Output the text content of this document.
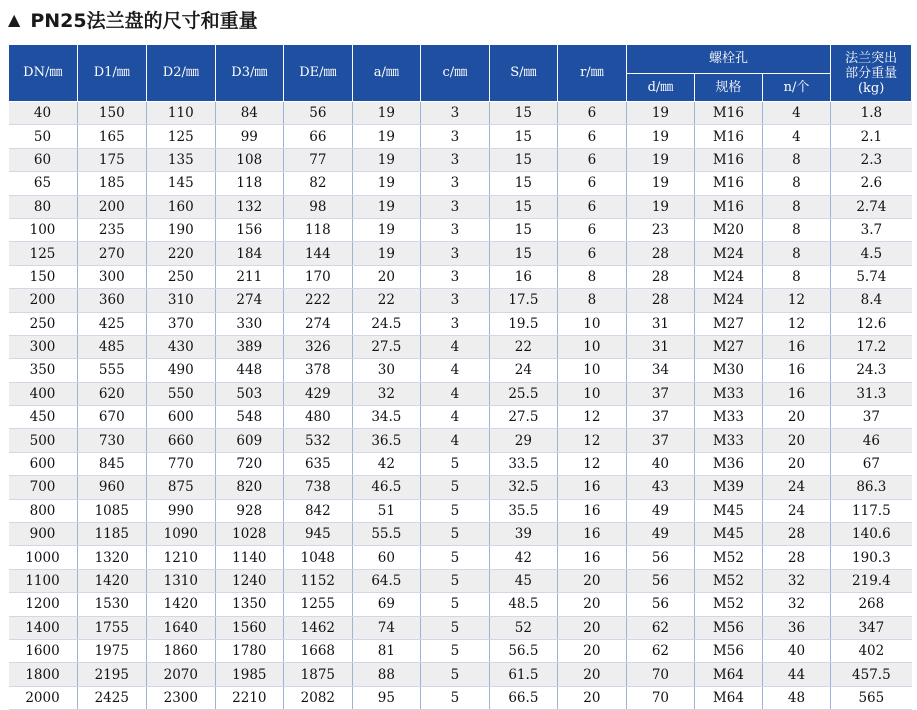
▲ PN25法兰盘的尺寸和重量
DN/㎜	D1/㎜	D2/㎜	D3/㎜	DE/㎜	a/㎜	c/㎜	S/㎜	r/㎜	螺栓孔			法兰突出
部分重量
(kg)

									d/㎜	规格	n/个	
40	150	110	84	56	19	3	15	6	19	M16	4	1.8
50	165	125	99	66	19	3	15	6	19	M16	4	2.1
60	175	135	108	77	19	3	15	6	19	M16	8	2.3
65	185	145	118	82	19	3	15	6	19	M16	8	2.6
80	200	160	132	98	19	3	15	6	19	M16	8	2.74
100	235	190	156	118	19	3	15	6	23	M20	8	3.7
125	270	220	184	144	19	3	15	6	28	M24	8	4.5
150	300	250	211	170	20	3	16	8	28	M24	8	5.74
200	360	310	274	222	22	3	17.5	8	28	M24	12	8.4
250	425	370	330	274	24.5	3	19.5	10	31	M27	12	12.6
300	485	430	389	326	27.5	4	22	10	31	M27	16	17.2
350	555	490	448	378	30	4	24	10	34	M30	16	24.3
400	620	550	503	429	32	4	25.5	10	37	M33	16	31.3
450	670	600	548	480	34.5	4	27.5	12	37	M33	20	37
500	730	660	609	532	36.5	4	29	12	37	M33	20	46
600	845	770	720	635	42	5	33.5	12	40	M36	20	67
700	960	875	820	738	46.5	5	32.5	16	43	M39	24	86.3
800	1085	990	928	842	51	5	35.5	16	49	M45	24	117.5
900	1185	1090	1028	945	55.5	5	39	16	49	M45	28	140.6
1000	1320	1210	1140	1048	60	5	42	16	56	M52	28	190.3
1100	1420	1310	1240	1152	64.5	5	45	20	56	M52	32	219.4
1200	1530	1420	1350	1255	69	5	48.5	20	56	M52	32	268
1400	1755	1640	1560	1462	74	5	52	20	62	M56	36	347
1600	1975	1860	1780	1668	81	5	56.5	20	62	M56	40	402
1800	2195	2070	1985	1875	88	5	61.5	20	70	M64	44	457.5
2000	2425	2300	2210	2082	95	5	66.5	20	70	M64	48	565
